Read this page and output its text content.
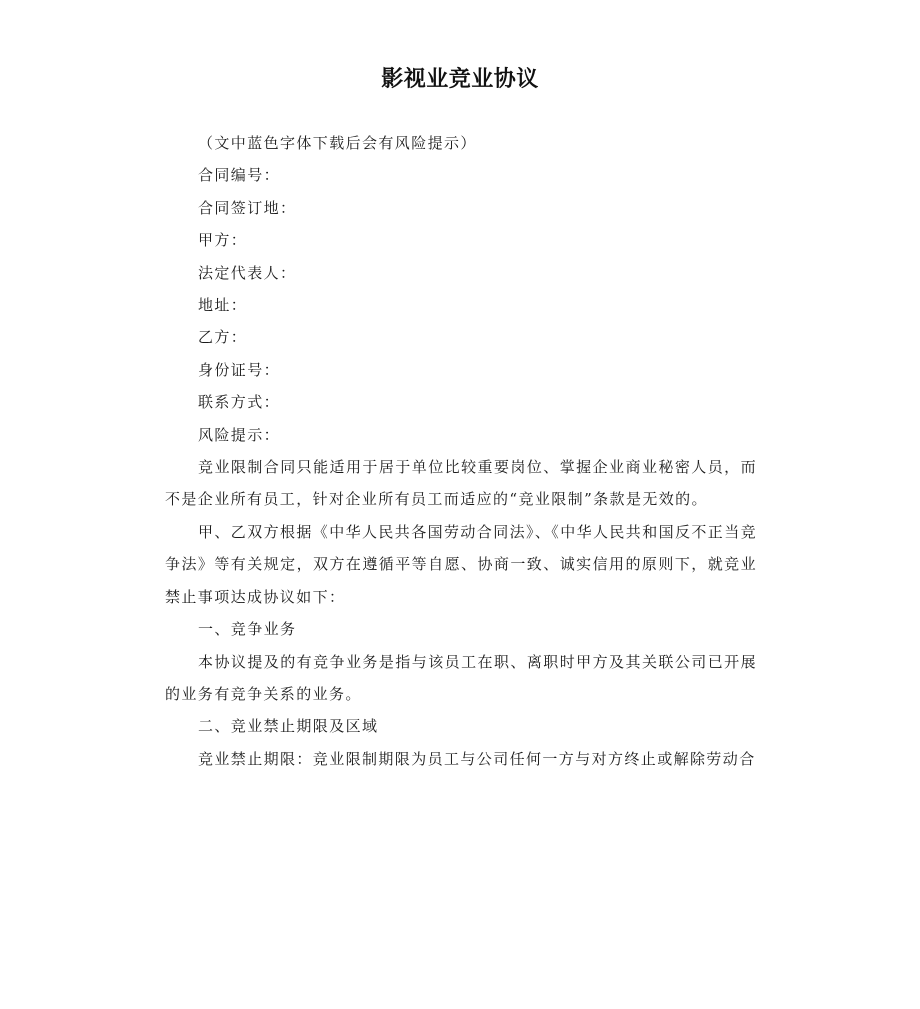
影视业竞业协议

（文中蓝色字体下载后会有风险提示）

合同编号：

合同签订地：

甲方：

法定代表人：

地址：

乙方：

身份证号：

联系方式：

风险提示：

竞业限制合同只能适用于居于单位比较重要岗位、掌握企业商业秘密人员，而不是企业所有员工，针对企业所有员工而适应的“竞业限制”条款是无效的。

甲、乙双方根据《中华人民共各国劳动合同法》、《中华人民共和国反不正当竞争法》等有关规定，双方在遵循平等自愿、协商一致、诚实信用的原则下，就竞业禁止事项达成协议如下：

一、竞争业务

本协议提及的有竞争业务是指与该员工在职、离职时甲方及其关联公司已开展的业务有竞争关系的业务。

二、竞业禁止期限及区域

竞业禁止期限：竞业限制期限为员工与公司任何一方与对方终止或解除劳动合
